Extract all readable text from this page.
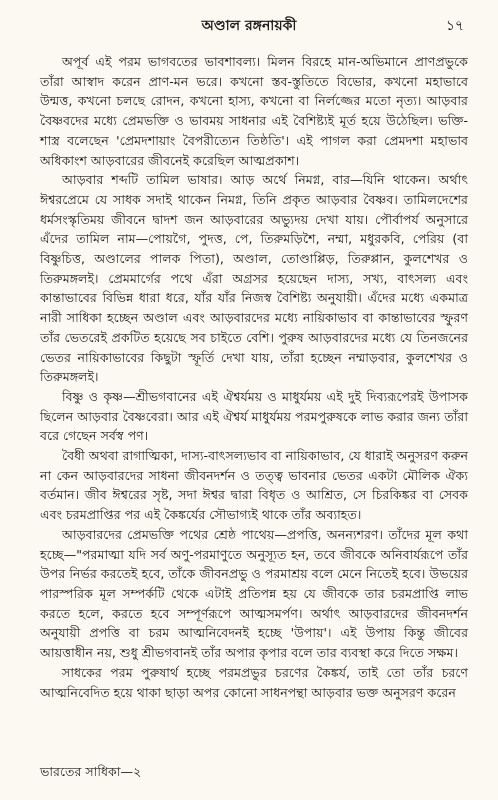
অণ্ডাল রঙ্গনায়কী	১৭

অপূর্ব এই পরম ভাগবতের ভাবশাবল্য। মিলন বিরহে মান-অভিমানে প্রাণপ্রভুকে তাঁরা আস্বাদ করেন প্রাণ-মন ভরে। কখনো স্তব-স্তুতিতে বিভোর, কখনো মহাভাবে উন্মত্ত, কখনো চলছে রোদন, কখনো হাস্য, কখনো বা নির্লজ্জের মতো নৃত্য। আড়বার বৈষ্ণবদের মধ্যে প্রেমভক্তি ও ভাবময় সাধনার এই বৈশিষ্ট্যই মূর্ত হয়ে উঠেছিল। ভক্তি-শাস্ত্র বলেছেন 'প্রেমদশায়াং বৈপরীত্যেন তিষ্ঠতি'। এই পাগল করা প্রেমদশা মহাভাব অধিকাংশ আড়বারের জীবনেই করেছিল আত্মপ্রকাশ।

আড়বার শব্দটি তামিল ভাষার। আড় অর্থে নিমগ্ন, বার—যিনি থাকেন। অর্থাৎ ঈশ্বরপ্রেমে যে সাধক সদাই থাকেন নিমগ্ন, তিনি প্রকৃত আড়বার বৈষ্ণব। তামিলদেশের ধর্মসংস্কৃতিময় জীবনে দ্বাদশ জন আড়বারের অভ্যুদয় দেখা যায়। পৌর্বাপর্য অনুসারে এঁদের তামিল নাম—পোয়গৈ, পুদত্ত, পে, তিরুমড়িশৈ, নম্মা, মধুরকবি, পেরিয় (বা বিষ্ণুচিত্ত, অণ্ডালের পালক পিতা), অণ্ডাল, তোণ্ডাপ্পিড়, তিরুপ্পান, কুলশেখর ও তিরুমঙ্গলই। প্রেমমার্গের পথে এঁরা অগ্রসর হয়েছেন দাস্য, সখ্য, বাৎসল্য এবং কান্তাভাবের বিভিন্ন ধারা ধরে, যাঁর যাঁর নিজস্ব বৈশিষ্ট্য অনুযায়ী। এঁদের মধ্যে একমাত্র নারী সাধিকা হচ্ছেন অণ্ডাল এবং আড়বারদের মধ্যে নায়িকাভাব বা কান্তাভাবের স্ফুরণ তাঁর ভেতরেই প্রকটিত হয়েছে সব চাইতে বেশি। পুরুষ আড়বারদের মধ্যে যে তিনজনের ভেতর নায়িকাভাবের কিছুটা স্ফূর্তি দেখা যায়, তাঁরা হচ্ছেন নম্মাড়বার, কুলশেখর ও তিরুমঙ্গলই।

বিষ্ণু ও কৃষ্ণ—শ্রীভগবানের এই ঐশ্বর্যময় ও মাধুর্যময় এই দুই দিব্যরূপেরই উপাসক ছিলেন আড়বার বৈষ্ণবেরা। আর এই ঐশ্বর্য মাধুর্যময় পরমপুরুষকে লাভ করার জন্য তাঁরা বরে গেছেন সর্বস্ব পণ।

বৈধী অথবা রাগাত্মিকা, দাস্য-বাৎসল্যভাব বা নায়িকাভাব, যে ধারাই অনুসরণ করুন না কেন আড়বারদের সাধনা জীবনদর্শন ও তত্ত্ব ভাবনার ভেতর একটা মৌলিক ঐক্য বর্তমান। জীব ঈশ্বরের সৃষ্ট, সদা ঈশ্বর দ্বারা বিধৃত ও আশ্রিত, সে চিরকিঙ্কর বা সেবক এবং চরমপ্রাপ্তির পর এই কৈঙ্কর্যের সৌভাগ্যই থাকে তাঁর অব্যাহত।

আড়বারদের প্রেমভক্তি পথের শ্রেষ্ঠ পাথেয়—প্রপত্তি, অনন্যশরণ। তাঁদের মূল কথা হচ্ছে—"পরমাত্মা যদি সর্ব অণু-পরমাণুতে অনুস্যূত হন, তবে জীবকে অনিবার্যরূপে তাঁর উপর নির্ভর করতেই হবে, তাঁকে জীবনপ্রভু ও পরমাশ্রয় বলে মেনে নিতেই হবে। উভয়ের পারস্পরিক মূল সম্পর্কটি থেকে এটাই প্রতিপন্ন হয় যে জীবকে তার চরমপ্রাপ্তি লাভ করতে হলে, করতে হবে সম্পূর্ণরূপে আত্মসমর্পণ। অর্থাৎ আড়বারদের জীবনদর্শন অনুযায়ী প্রপত্তি বা চরম আত্মনিবেদনই হচ্ছে 'উপায়'। এই উপায় কিন্তু জীবের আয়ত্তাধীন নয়, শুধু শ্রীভগবানই তাঁর অপার কৃপার বলে তার ব্যবস্থা করে দিতে সক্ষম।

সাধকের পরম পুরুষার্থ হচ্ছে পরমপ্রভুর চরণের কৈঙ্কর্য, তাই তো তাঁর চরণে আত্মনিবেদিত হয়ে থাকা ছাড়া অপর কোনো সাধনপন্থা আড়বার ভক্ত অনুসরণ করেন

ভারতের সাধিকা—২
